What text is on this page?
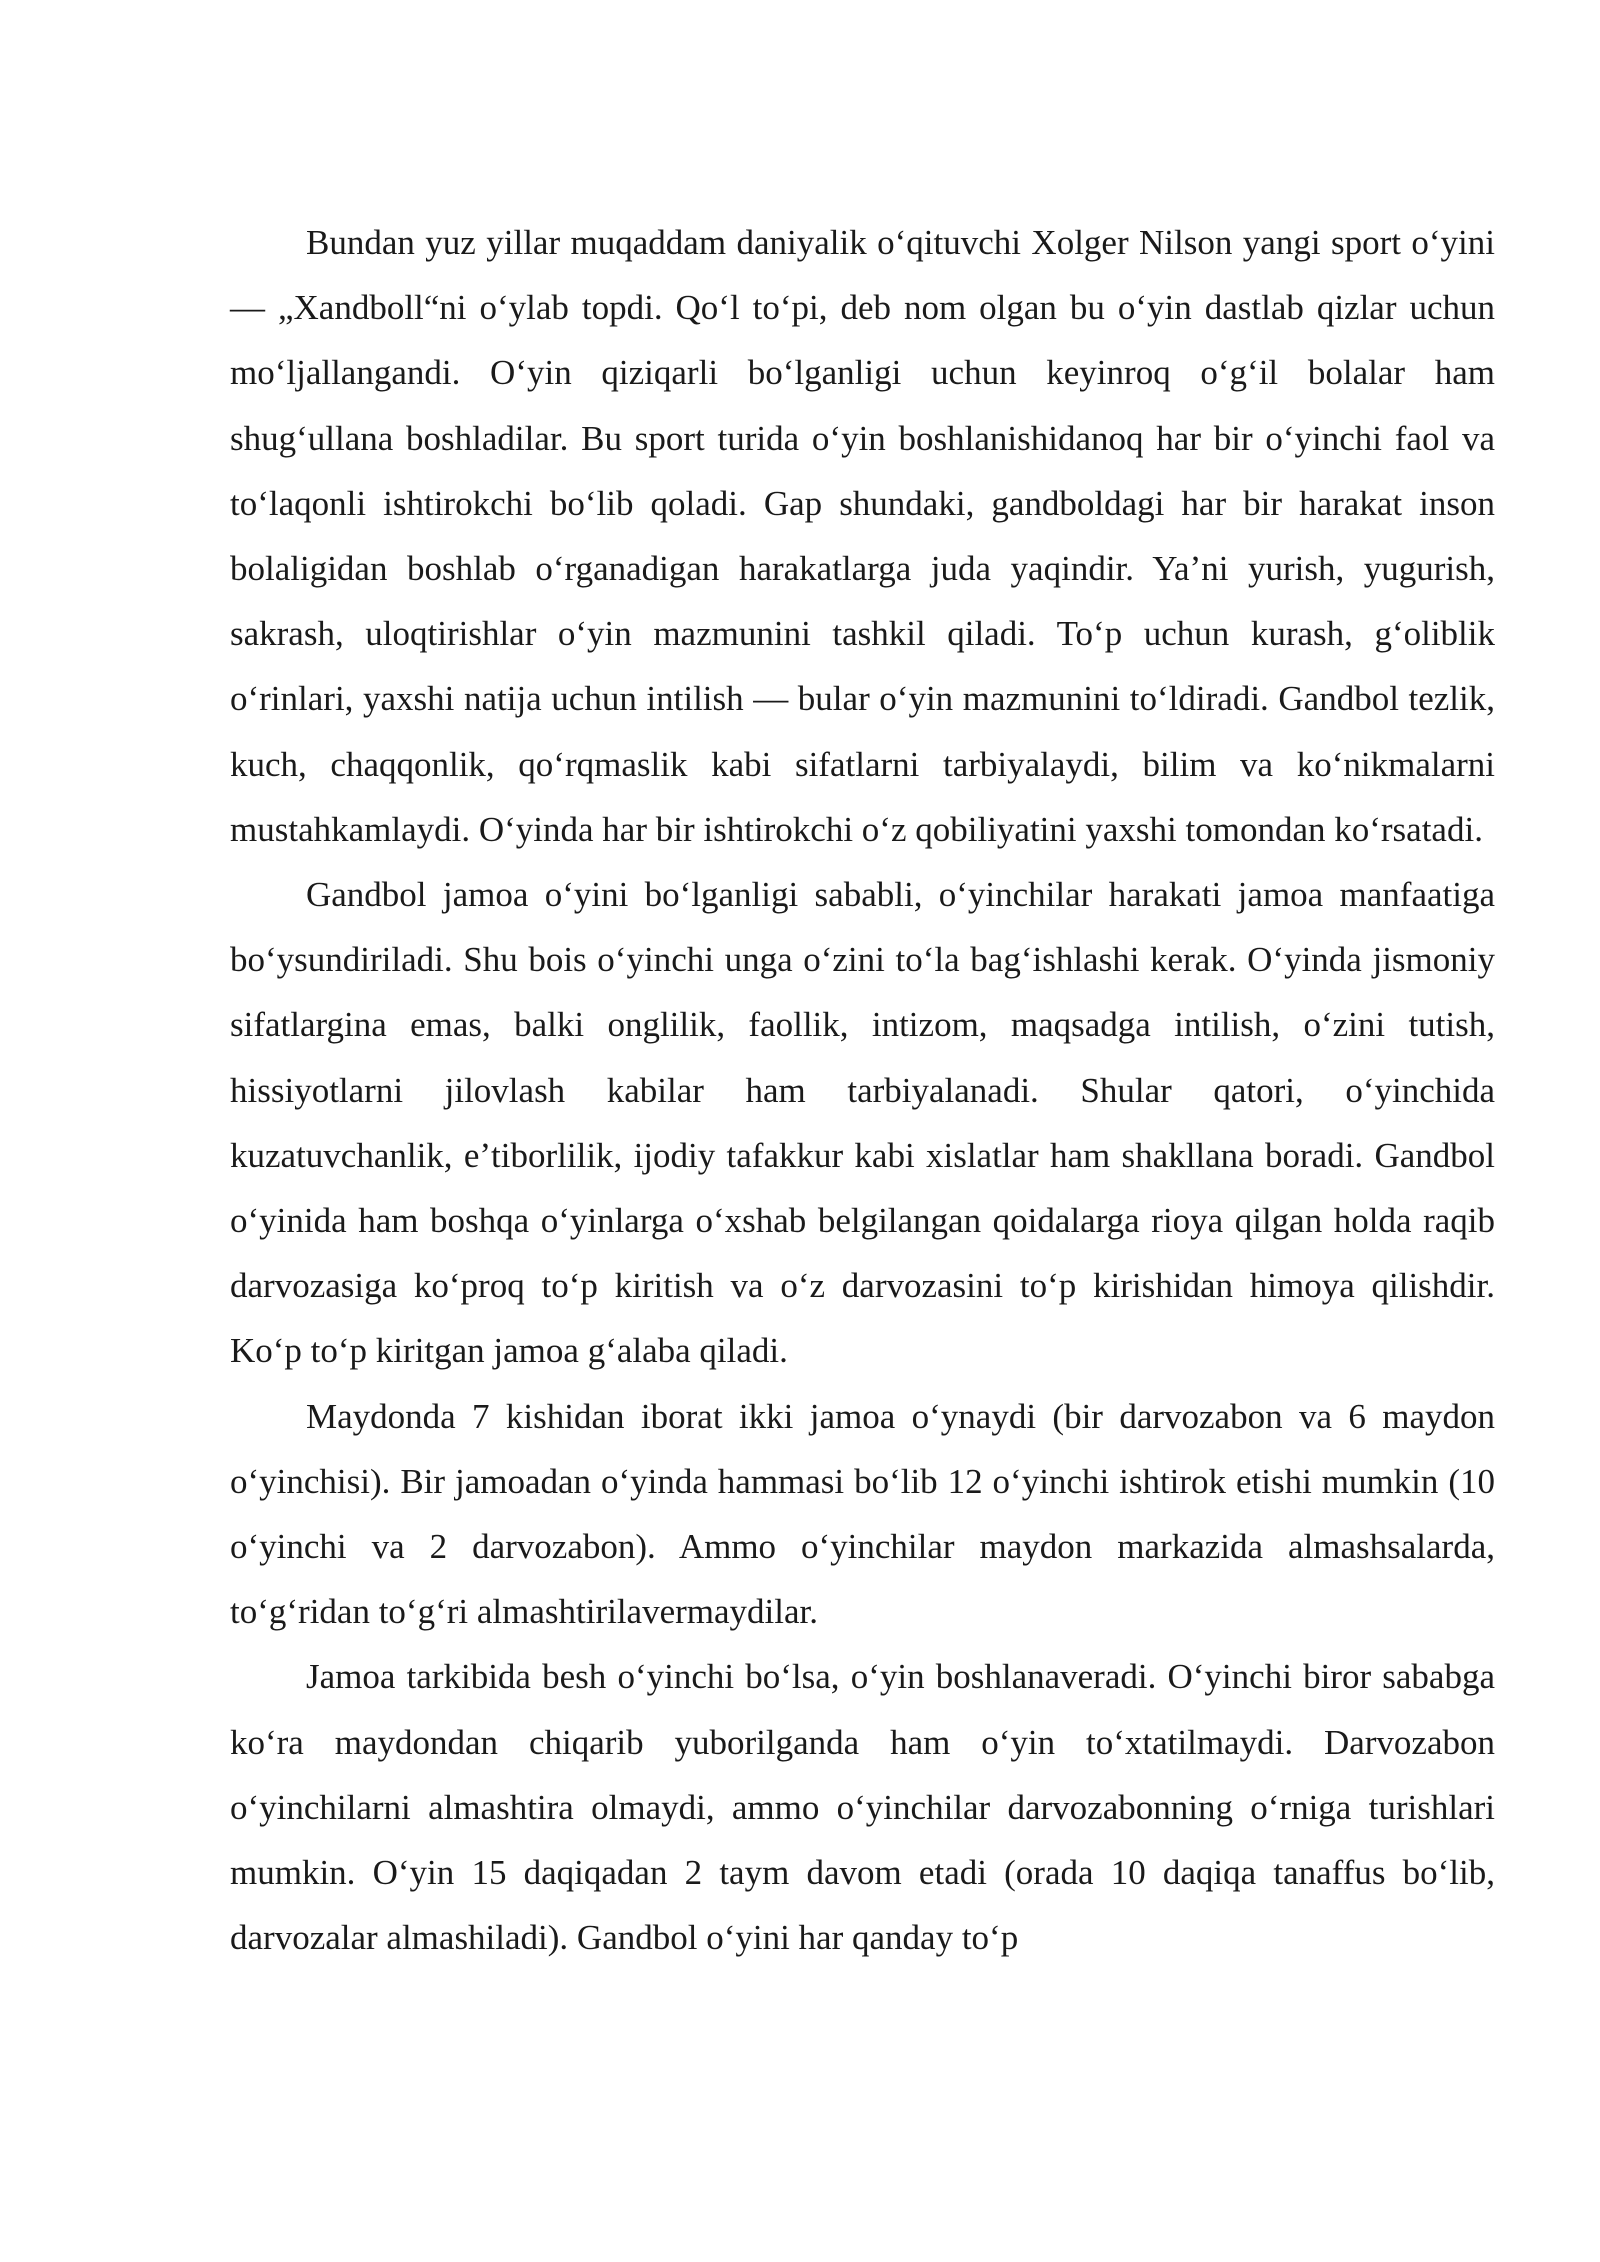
Bundan yuz yillar muqaddam daniyalik oʻqituvchi Xolger Nilson yangi sport oʻyini — „Xandboll“ni oʻylab topdi. Qoʻl toʻpi, deb nom olgan bu oʻyin dastlab qizlar uchun moʻljallangandi. Oʻyin qiziqarli boʻlganligi uchun keyinroq oʻgʻil bolalar ham shugʻullana boshladilar. Bu sport turida oʻyin boshlanishidanoq har bir oʻyinchi faol va toʻlaqonli ishtirokchi boʻlib qoladi. Gap shundaki, gandboldagi har bir harakat inson bolaligidan boshlab oʻrganadigan harakatlarga juda yaqindir. Yaʼni yurish, yugurish, sakrash, uloqtirishlar oʻyin mazmunini tashkil qiladi. Toʻp uchun kurash, gʻoliblik oʻrinlari, yaxshi natija uchun intilish — bular oʻyin mazmunini toʻldiradi. Gandbol tezlik, kuch, chaqqonlik, qoʻrqmaslik kabi sifatlarni tarbiyalaydi, bilim va koʻnikmalarni mustahkamlaydi. Oʻyinda har bir ishtirokchi oʻz qobiliyatini yaxshi tomondan koʻrsatadi.

Gandbol jamoa oʻyini boʻlganligi sababli, oʻyinchilar harakati jamoa manfaatiga boʻysundiriladi. Shu bois oʻyinchi unga oʻzini toʻla bagʻishlashi kerak. Oʻyinda jismoniy sifatlargina emas, balki onglilik, faollik, intizom, maqsadga intilish, oʻzini tutish, hissiyotlarni jilovlash kabilar ham tarbiyalanadi. Shular qatori, oʻyinchida kuzatuvchanlik, eʼtiborlilik, ijodiy tafakkur kabi xislatlar ham shakllana boradi. Gandbol oʻyinida ham boshqa oʻyinlarga oʻxshab belgilangan qoidalarga rioya qilgan holda raqib darvozasiga koʻproq toʻp kiritish va oʻz darvozasini toʻp kirishidan himoya qilishdir. Koʻp toʻp kiritgan jamoa gʻalaba qiladi.

Maydonda 7 kishidan iborat ikki jamoa oʻynaydi (bir darvozabon va 6 maydon oʻyinchisi). Bir jamoadan oʻyinda hammasi boʻlib 12 oʻyinchi ishtirok etishi mumkin (10 oʻyinchi va 2 darvozabon). Ammo oʻyinchilar maydon markazida almashsalarda, toʻgʻridan toʻgʻri almashtirilavermaydilar.

Jamoa tarkibida besh oʻyinchi boʻlsa, oʻyin boshlanaveradi. Oʻyinchi biror sababga koʻra maydondan chiqarib yuborilganda ham oʻyin toʻxtatilmaydi. Darvozabon oʻyinchilarni almashtira olmaydi, ammo oʻyinchilar darvozabonning oʻrniga turishlari mumkin. Oʻyin 15 daqiqadan 2 taym davom etadi (orada 10 daqiqa tanaffus boʻlib, darvozalar almashiladi). Gandbol oʻyini har qanday toʻp
